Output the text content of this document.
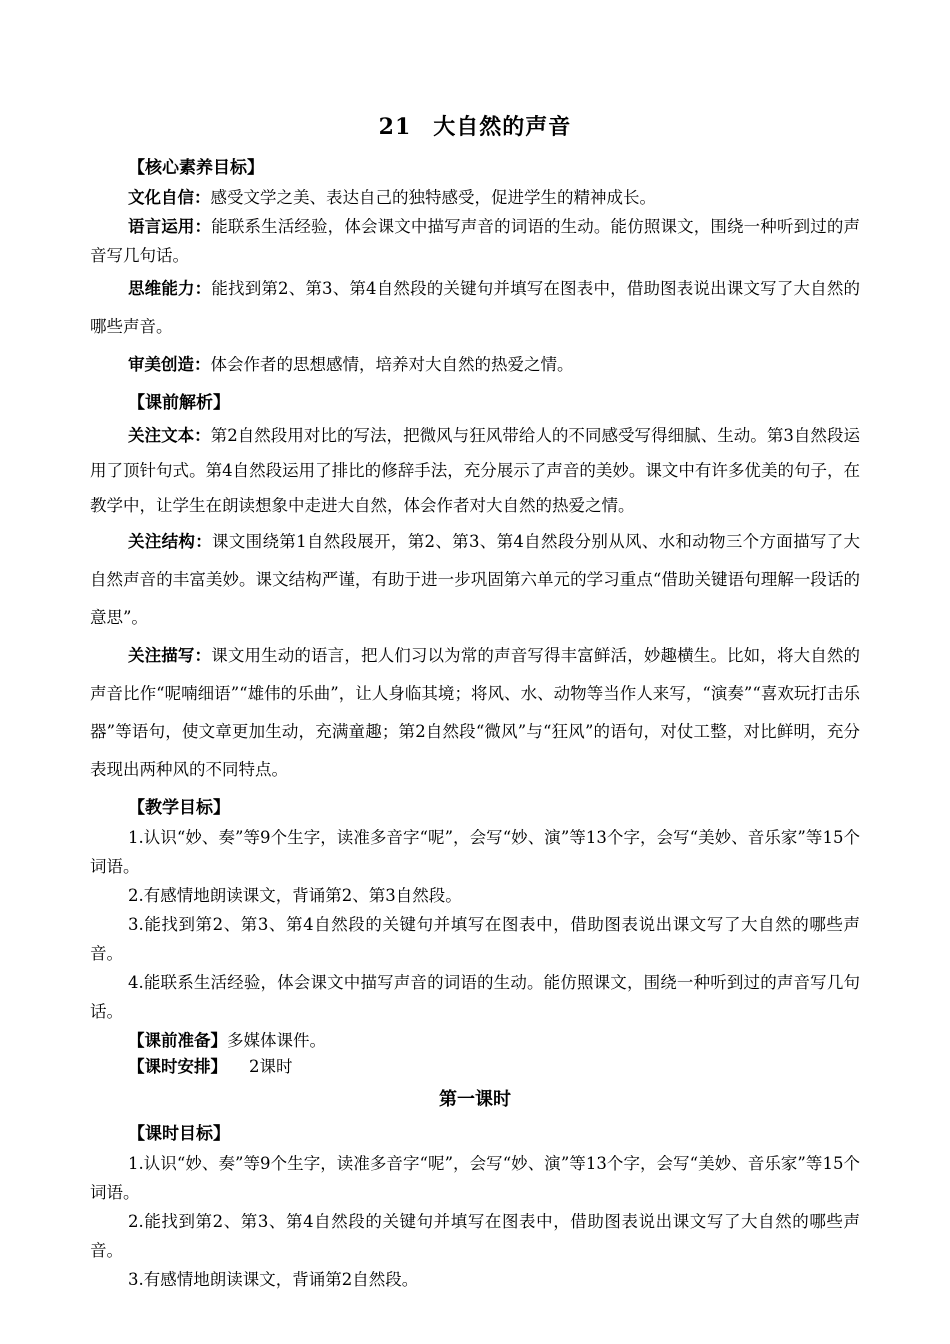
21 大自然的声音
【核心素养目标】

文化自信：感受文学之美、表达自己的独特感受，促进学生的精神成长。

语言运用：能联系生活经验，体会课文中描写声音的词语的生动。能仿照课文，围绕一种听到过的声音写几句话。

思维能力：能找到第2、第3、第4自然段的关键句并填写在图表中，借助图表说出课文写了大自然的哪些声音。

审美创造：体会作者的思想感情，培养对大自然的热爱之情。

【课前解析】

关注文本：第2自然段用对比的写法，把微风与狂风带给人的不同感受写得细腻、生动。第3自然段运用了顶针句式。第4自然段运用了排比的修辞手法，充分展示了声音的美妙。课文中有许多优美的句子，在教学中，让学生在朗读想象中走进大自然，体会作者对大自然的热爱之情。

关注结构：课文围绕第1自然段展开，第2、第3、第4自然段分别从风、水和动物三个方面描写了大自然声音的丰富美妙。课文结构严谨，有助于进一步巩固第六单元的学习重点“借助关键语句理解一段话的意思”。

关注描写：课文用生动的语言，把人们习以为常的声音写得丰富鲜活，妙趣横生。比如，将大自然的声音比作“呢喃细语”“雄伟的乐曲”，让人身临其境；将风、水、动物等当作人来写，“演奏”“喜欢玩打击乐器”等语句，使文章更加生动，充满童趣；第2自然段“微风”与“狂风”的语句，对仗工整，对比鲜明，充分表现出两种风的不同特点。

【教学目标】

1.认识“妙、奏”等9个生字，读准多音字“呢”，会写“妙、演”等13个字，会写“美妙、音乐家”等15个词语。

2.有感情地朗读课文，背诵第2、第3自然段。

3.能找到第2、第3、第4自然段的关键句并填写在图表中，借助图表说出课文写了大自然的哪些声音。

4.能联系生活经验，体会课文中描写声音的词语的生动。能仿照课文，围绕一种听到过的声音写几句话。

【课前准备】多媒体课件。

【课时安排】 2课时

第一课时
【课时目标】

1.认识“妙、奏”等9个生字，读准多音字“呢”，会写“妙、演”等13个字，会写“美妙、音乐家”等15个词语。

2.能找到第2、第3、第4自然段的关键句并填写在图表中，借助图表说出课文写了大自然的哪些声音。

3.有感情地朗读课文，背诵第2自然段。
